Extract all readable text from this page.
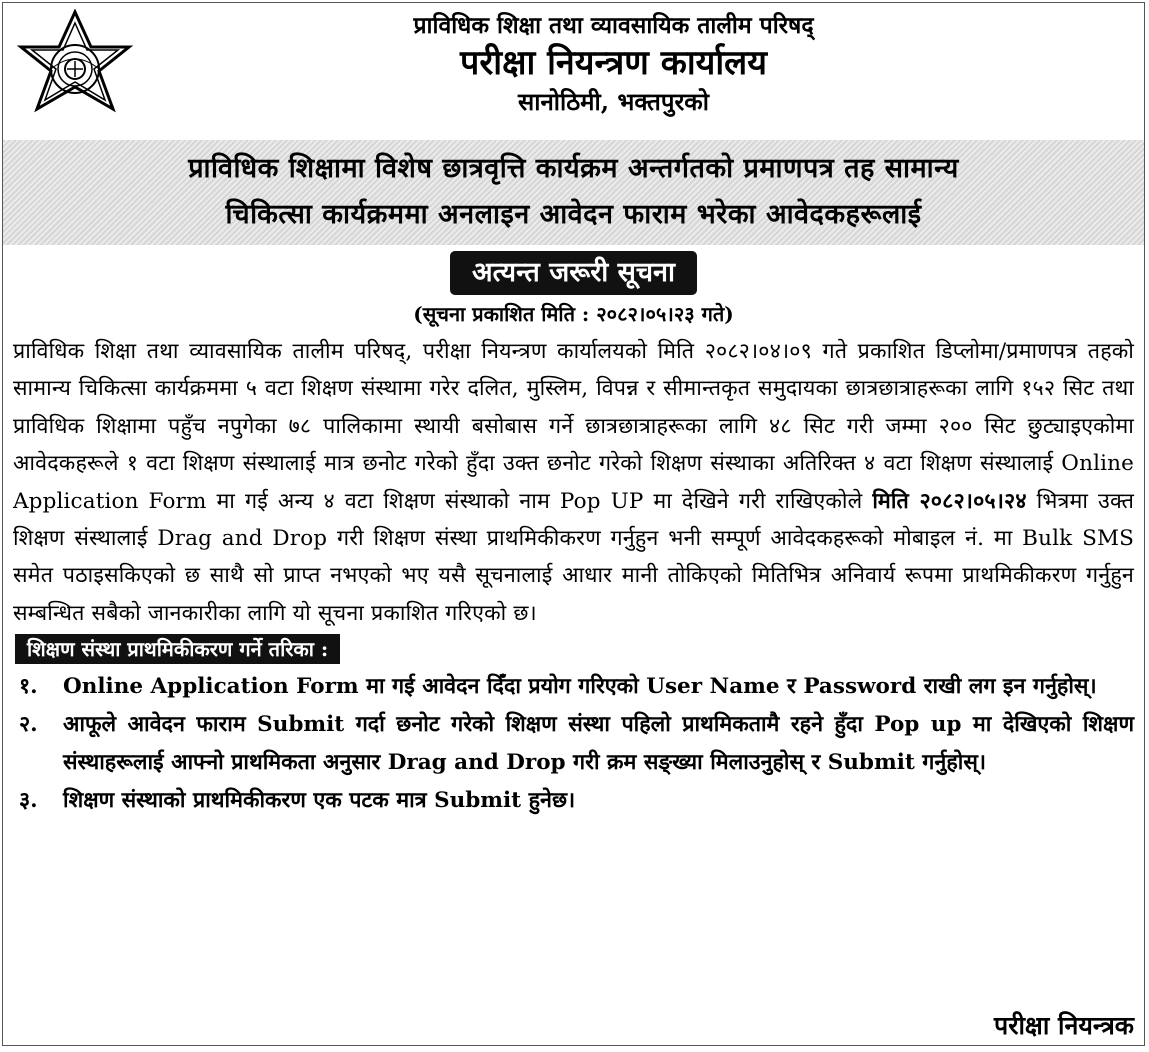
प्राविधिक शिक्षा तथा व्यावसायिक तालीम परिषद्
परीक्षा नियन्त्रण कार्यालय
सानोठिमी, भक्तपुरको
प्राविधिक शिक्षामा विशेष छात्रवृत्ति कार्यक्रम अन्तर्गतको प्रमाणपत्र तह सामान्य
चिकित्सा कार्यक्रममा अनलाइन आवेदन फाराम भरेका आवेदकहरूलाई
अत्यन्त जरूरी सूचना
(सूचना प्रकाशित मिति : २०८२।०५।२३ गते)
प्राविधिक शिक्षा तथा व्यावसायिक तालीम परिषद्, परीक्षा नियन्त्रण कार्यालयको मिति २०८२।०४।०९ गते प्रकाशित डिप्लोमा/प्रमाणपत्र तहको सामान्य चिकित्सा कार्यक्रममा ५ वटा शिक्षण संस्थामा गरेर दलित, मुस्लिम, विपन्न र सीमान्तकृत समुदायका छात्रछात्राहरूका लागि १५२ सिट तथा प्राविधिक शिक्षामा पहुँच नपुगेका ७८ पालिकामा स्थायी बसोबास गर्ने छात्रछात्राहरूका लागि ४८ सिट गरी जम्मा २०० सिट छुट्याइएकोमा आवेदकहरूले १ वटा शिक्षण संस्थालाई मात्र छनोट गरेको हुँदा उक्त छनोट गरेको शिक्षण संस्थाका अतिरिक्त ४ वटा शिक्षण संस्थालाई Online Application Form मा गई अन्य ४ वटा शिक्षण संस्थाको नाम Pop UP मा देखिने गरी राखिएकोले मिति २०८२।०५।२४ भित्रमा उक्त शिक्षण संस्थालाई Drag and Drop गरी शिक्षण संस्था प्राथमिकीकरण गर्नुहुन भनी सम्पूर्ण आवेदकहरूको मोबाइल नं. मा Bulk SMS समेत पठाइसकिएको छ साथै सो प्राप्त नभएको भए यसै सूचनालाई आधार मानी तोकिएको मितिभित्र अनिवार्य रूपमा प्राथमिकीकरण गर्नुहुन सम्बन्धित सबैको जानकारीका लागि यो सूचना प्रकाशित गरिएको छ।
शिक्षण संस्था प्राथमिकीकरण गर्ने तरिका :
१.	Online Application Form मा गई आवेदन दिँदा प्रयोग गरिएको User Name र Password राखी लग इन गर्नुहोस्।
२.	आफूले आवेदन फाराम Submit गर्दा छनोट गरेको शिक्षण संस्था पहिलो प्राथमिकतामै रहने हुँदा Pop up मा देखिएको शिक्षण संस्थाहरूलाई आफ्नो प्राथमिकता अनुसार Drag and Drop गरी क्रम सङ्ख्या मिलाउनुहोस् र Submit गर्नुहोस्।
३.	शिक्षण संस्थाको प्राथमिकीकरण एक पटक मात्र Submit हुनेछ।
परीक्षा नियन्त्रक
